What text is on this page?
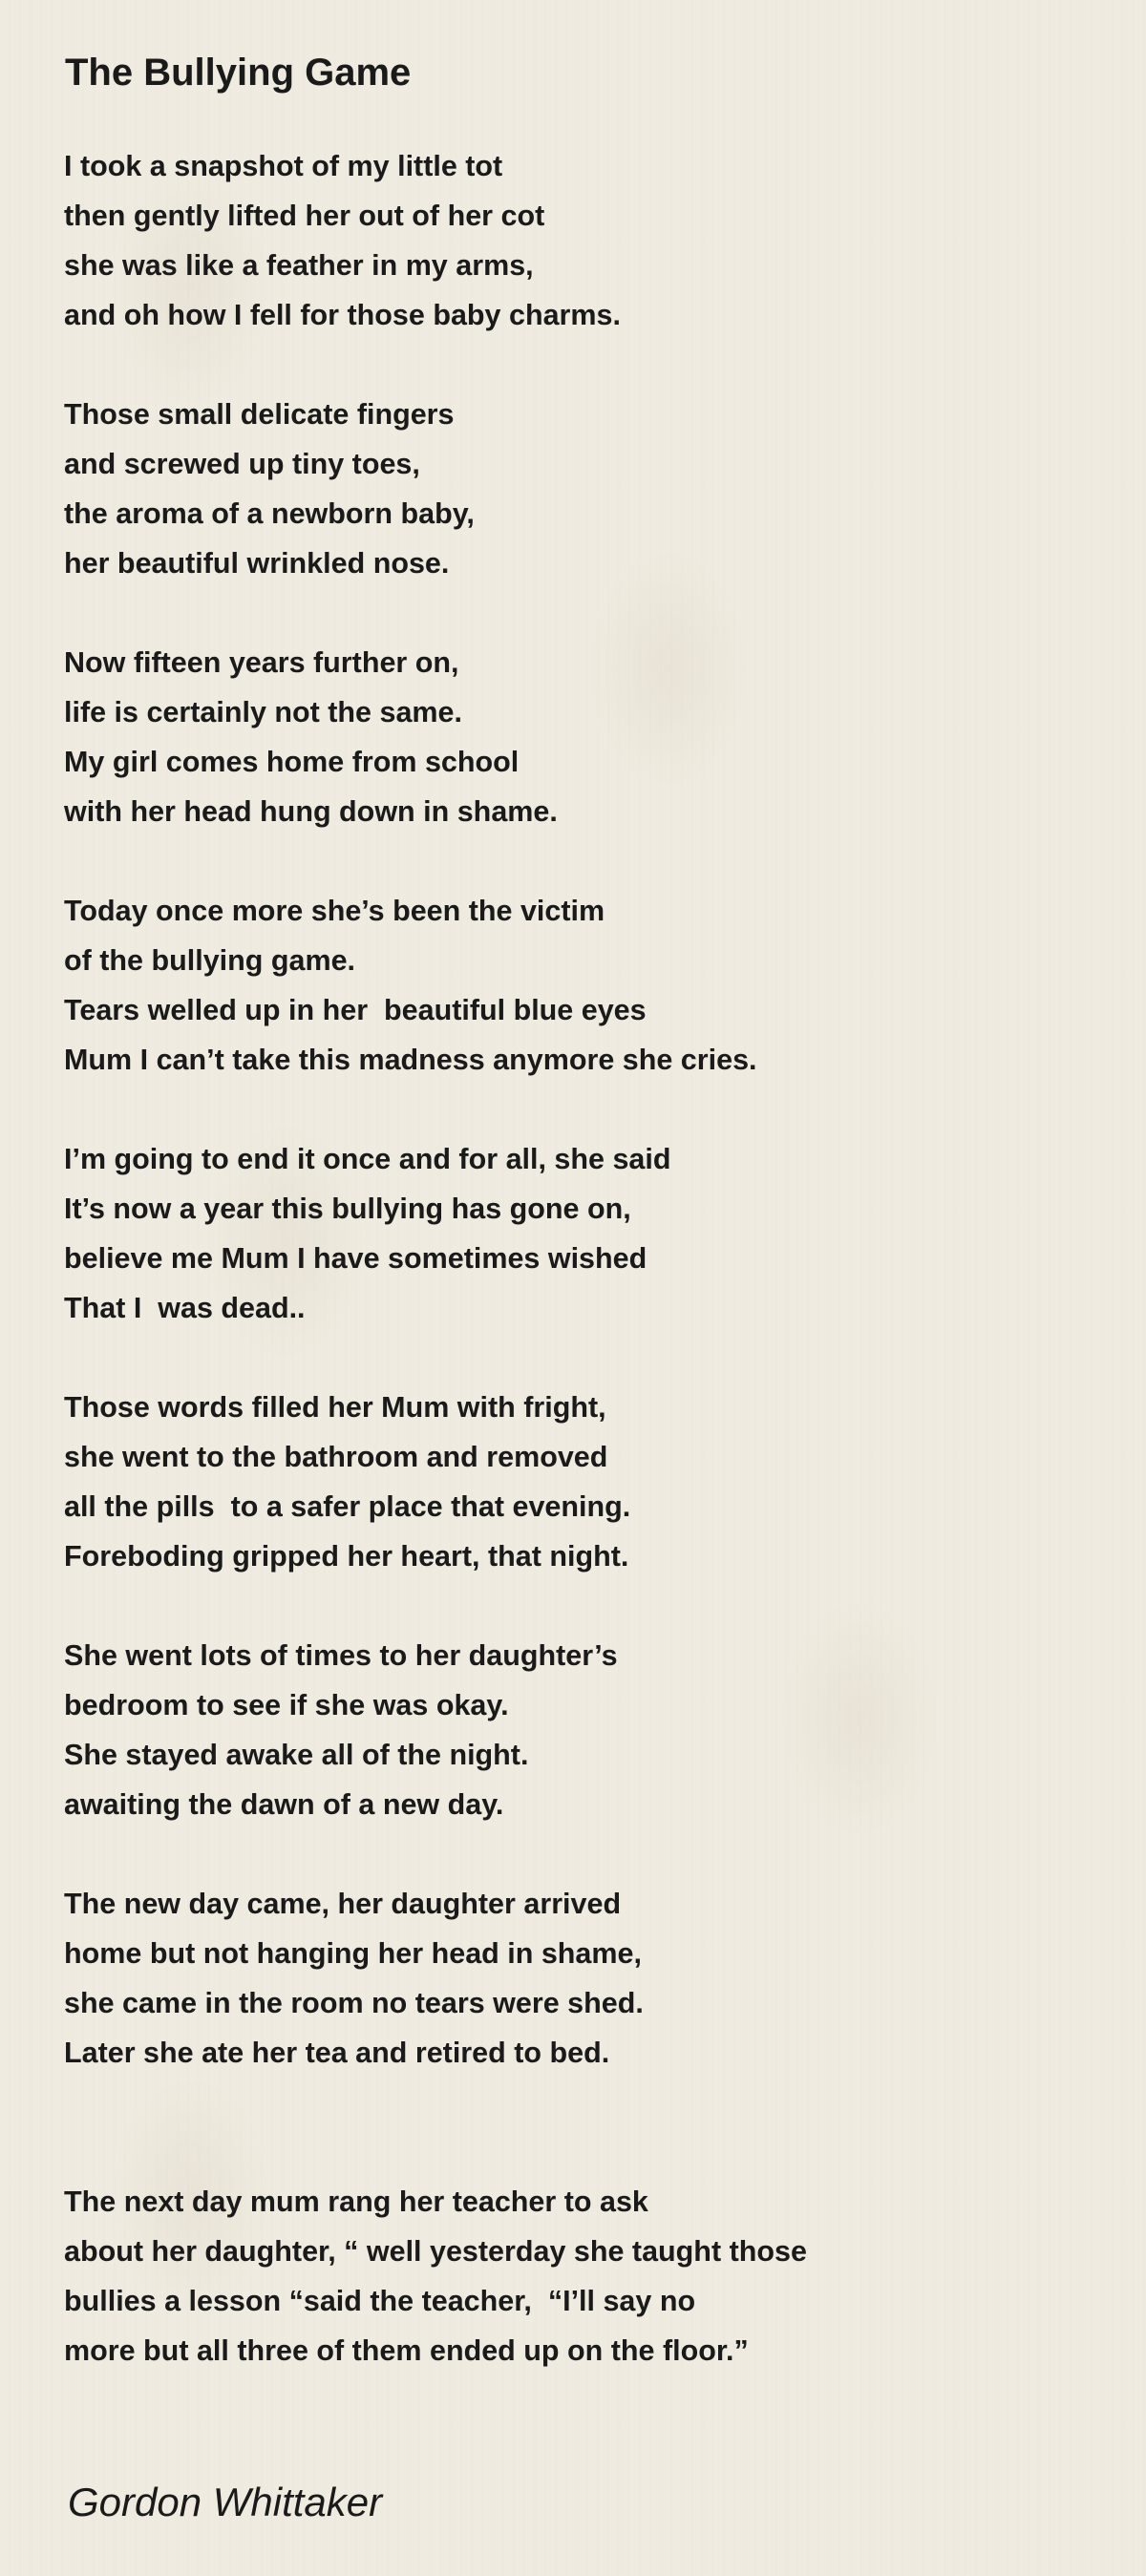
The Bullying Game
I took a snapshot of my little tot
then gently lifted her out of her cot
she was like a feather in my arms,
and oh how I fell for those baby charms.
Those small delicate fingers
and screwed up tiny toes,
the aroma of a newborn baby,
her beautiful wrinkled nose.
Now fifteen years further on,
life is certainly not the same.
My girl comes home from school
with her head hung down in shame.
Today once more she’s been the victim
of the bullying game.
Tears welled up in her  beautiful blue eyes
Mum I can’t take this madness anymore she cries.
I’m going to end it once and for all, she said
It’s now a year this bullying has gone on,
believe me Mum I have sometimes wished
That I  was dead..
Those words filled her Mum with fright,
she went to the bathroom and removed
all the pills  to a safer place that evening.
Foreboding gripped her heart, that night.
She went lots of times to her daughter’s
bedroom to see if she was okay.
She stayed awake all of the night.
awaiting the dawn of a new day.
The new day came, her daughter arrived
home but not hanging her head in shame,
she came in the room no tears were shed.
Later she ate her tea and retired to bed.
The next day mum rang her teacher to ask
about her daughter, “ well yesterday she taught those
bullies a lesson “said the teacher,  “I’ll say no
more but all three of them ended up on the floor.”
Gordon Whittaker
